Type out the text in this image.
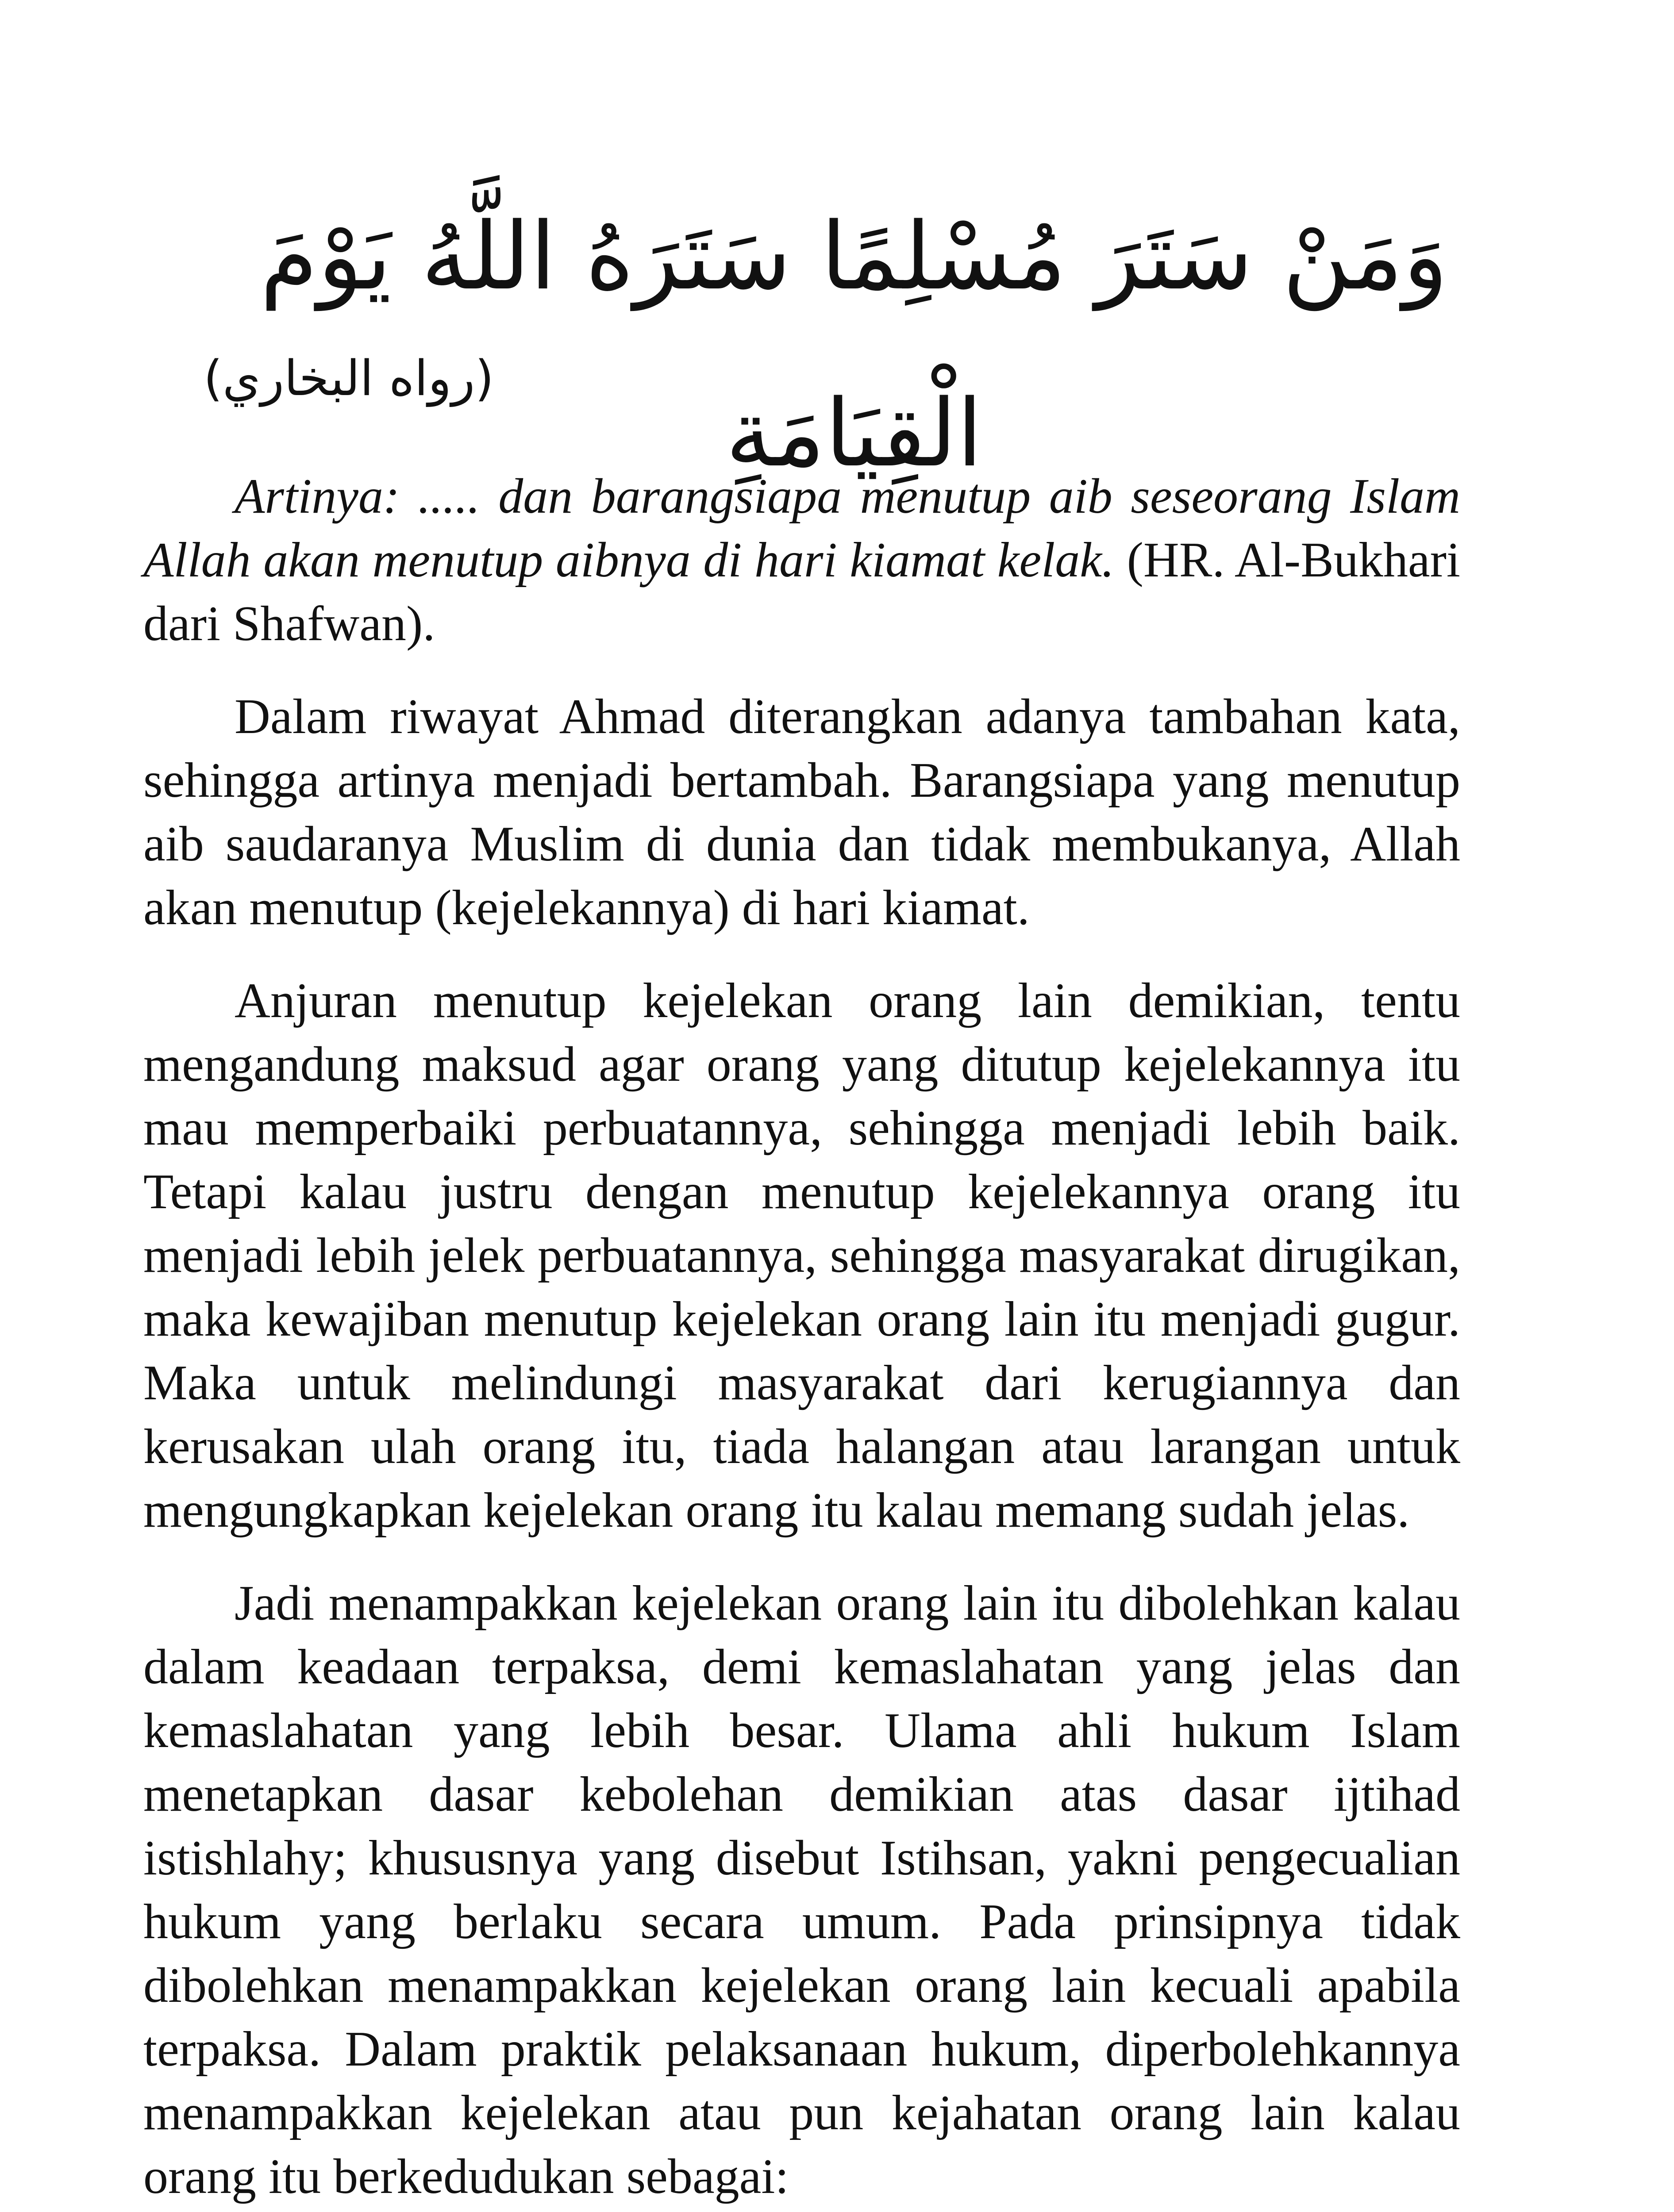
وَمَنْ سَتَرَ مُسْلِمًا سَتَرَهُ اللَّهُ يَوْمَ الْقِيَامَةِ
(رواه البخاري)

Artinya: ..... dan barangsiapa menutup aib seseorang Islam Allah akan menutup aibnya di hari kiamat kelak. (HR. Al-Bukhari dari Shafwan).

Dalam riwayat Ahmad diterangkan adanya tambahan kata, sehingga artinya menjadi bertambah. Barangsiapa yang menutup aib saudaranya Muslim di dunia dan tidak membukanya, Allah akan menutup (kejelekannya) di hari kiamat.

Anjuran menutup kejelekan orang lain demikian, tentu mengandung maksud agar orang yang ditutup kejelekannya itu mau memperbaiki perbuatannya, sehingga menjadi lebih baik. Tetapi kalau justru dengan menutup kejelekannya orang itu menjadi lebih jelek perbuatannya, sehingga masyarakat dirugikan, maka kewajiban menutup kejelekan orang lain itu menjadi gugur. Maka untuk melindungi masyarakat dari kerugiannya dan kerusakan ulah orang itu, tiada halangan atau larangan untuk mengungkapkan kejelekan orang itu kalau memang sudah jelas.

Jadi menampakkan kejelekan orang lain itu dibolehkan kalau dalam keadaan terpaksa, demi kemaslahatan yang jelas dan kemaslahatan yang lebih besar. Ulama ahli hukum Islam menetapkan dasar kebolehan demikian atas dasar ijtihad istishlahy; khususnya yang disebut Istihsan, yakni pengecualian hukum yang berlaku secara umum. Pada prinsipnya tidak dibolehkan menampakkan kejelekan orang lain kecuali apabila terpaksa. Dalam praktik pelaksanaan hukum, diperbolehkannya menampakkan kejelekan atau pun kejahatan orang lain kalau orang itu berkedudukan sebagai:
